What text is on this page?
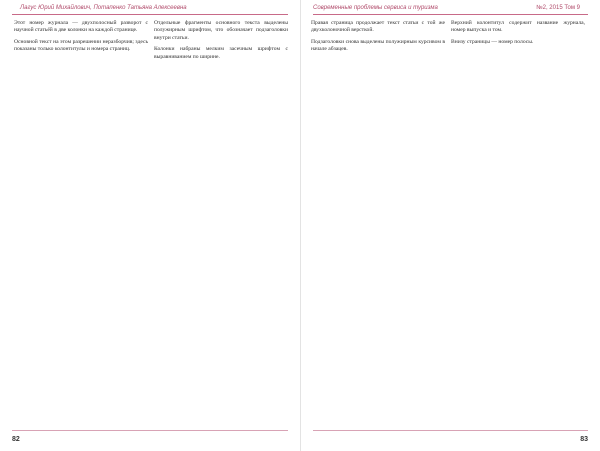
Лагус Юрий Михайлович, Потапенко Татьяна Алексеевна

Этот номер журнала — двухполосный разворот с научной статьёй в две колонки на каждой странице.

Основной текст на этом разрешении неразборчив; здесь показаны только колонтитулы и номера страниц.

Отдельные фрагменты основного текста выделены полужирным шрифтом, что обозначает подзаголовки внутри статьи.

Колонки набраны мелким засечным шрифтом с выравниванием по ширине.

82
Современные проблемы сервиса и туризма	№2, 2015 Том 9

Правая страница продолжает текст статьи с той же двухколоночной версткой.

Подзаголовки снова выделены полужирным курсивом в начале абзацев.

Верхний колонтитул содержит название журнала, номер выпуска и том.

Внизу страницы — номер полосы.

83
